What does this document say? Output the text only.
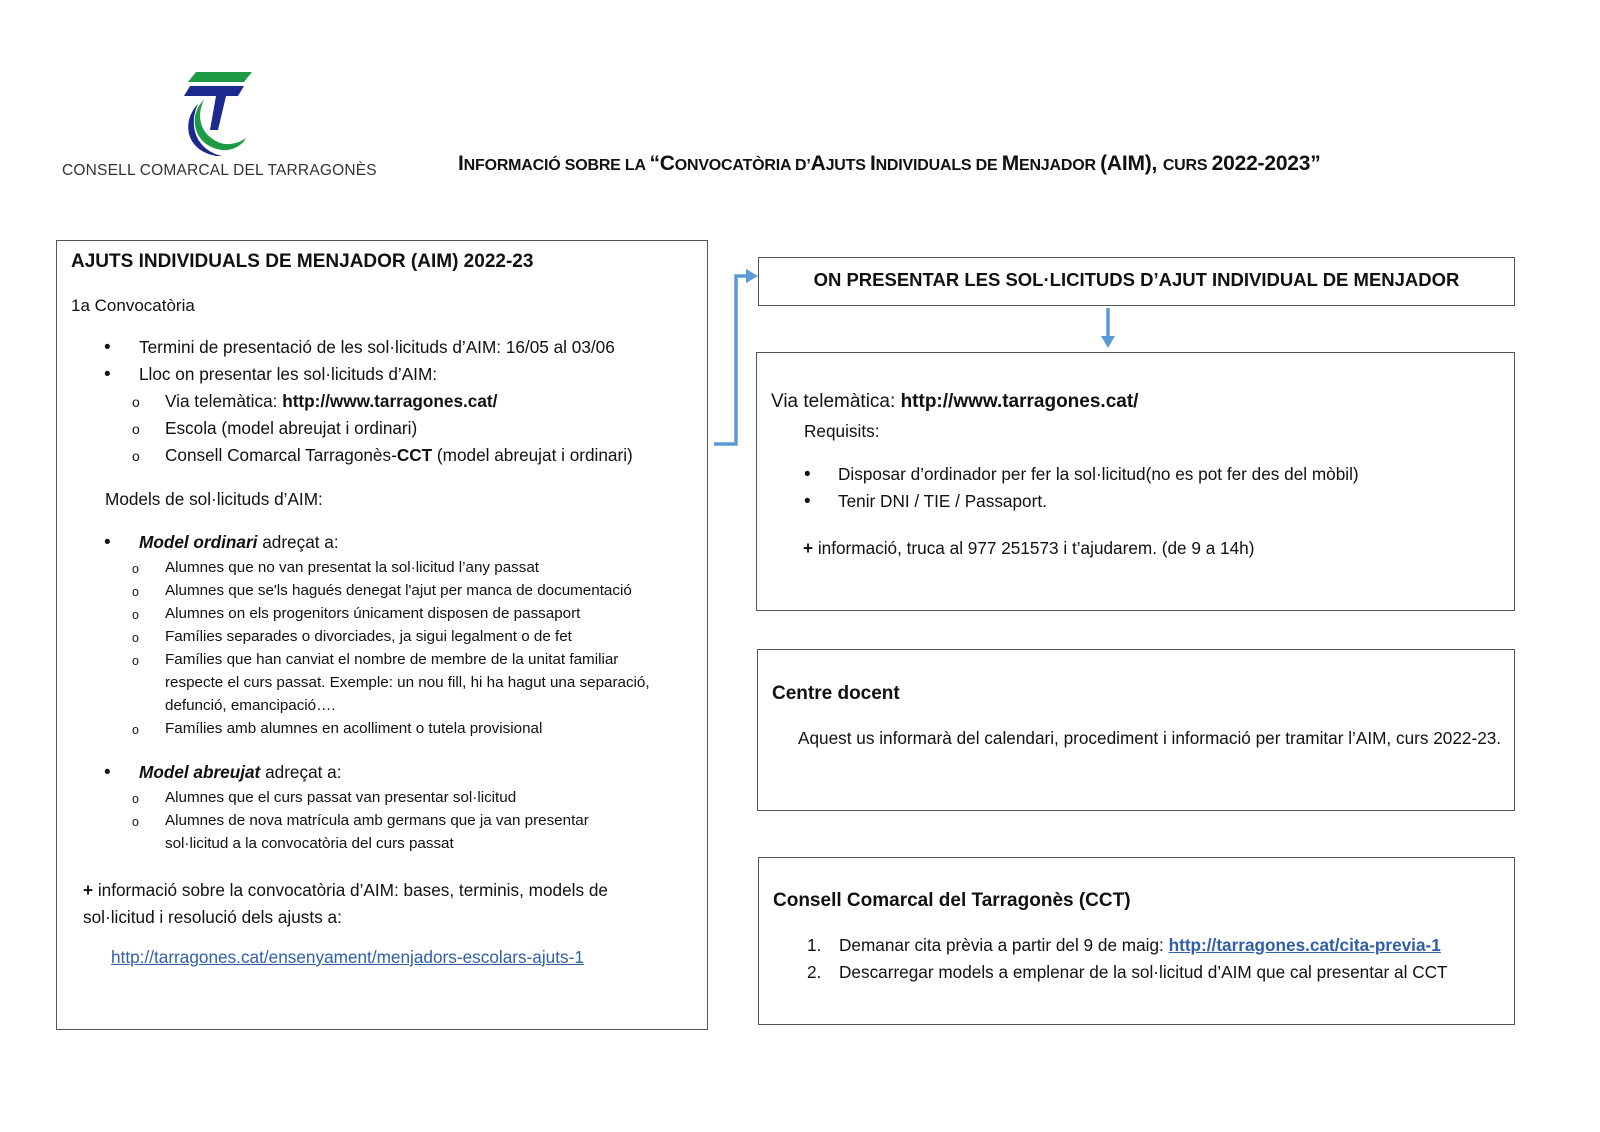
CONSELL COMARCAL DEL TARRAGONÈS	INFORMACIÓ SOBRE LA “CONVOCATÒRIA D’AJUTS INDIVIDUALS DE MENJADOR (AIM), CURS 2022-2023”
AJUTS INDIVIDUALS DE MENJADOR (AIM) 2022-23
1a Convocatòria
• Termini de presentació de les sol·licituds d’AIM: 16/05 al 03/06
• Lloc on presentar les sol·licituds d’AIM:
o Via telemàtica: http://www.tarragones.cat/
o Escola (model abreujat i ordinari)
o Consell Comarcal Tarragonès-CCT (model abreujat i ordinari)
Models de sol·licituds d’AIM:
• Model ordinari adreçat a:
o Alumnes que no van presentat la sol·licitud l’any passat
o Alumnes que se'ls hagués denegat l'ajut per manca de documentació
o Alumnes on els progenitors únicament disposen de passaport
o Famílies separades o divorciades, ja sigui legalment o de fet
o Famílies que han canviat el nombre de membre de la unitat familiar respecte el curs passat. Exemple: un nou fill, hi ha hagut una separació, defunció, emancipació….
o Famílies amb alumnes en acolliment o tutela provisional
• Model abreujat adreçat a:
o Alumnes que el curs passat van presentar sol·licitud
o Alumnes de nova matrícula amb germans que ja van presentar sol·licitud a la convocatòria del curs passat
+ informació sobre la convocatòria d’AIM: bases, terminis, models de sol·licitud i resolució dels ajusts a:
http://tarragones.cat/ensenyament/menjadors-escolars-ajuts-1
ON PRESENTAR LES SOL·LICITUDS D’AJUT INDIVIDUAL DE MENJADOR
Via telemàtica: http://www.tarragones.cat/
Requisits:
• Disposar d’ordinador per fer la sol·licitud(no es pot fer des del mòbil)
• Tenir DNI / TIE / Passaport.
+ informació, truca al 977 251573 i t’ajudarem. (de 9 a 14h)
Centre docent
Aquest us informarà del calendari, procediment i informació per tramitar l’AIM, curs 2022-23.
Consell Comarcal del Tarragonès (CCT)
1. Demanar cita prèvia a partir del 9 de maig: http://tarragones.cat/cita-previa-1
2. Descarregar models a emplenar de la sol·licitud d’AIM que cal presentar al CCT
